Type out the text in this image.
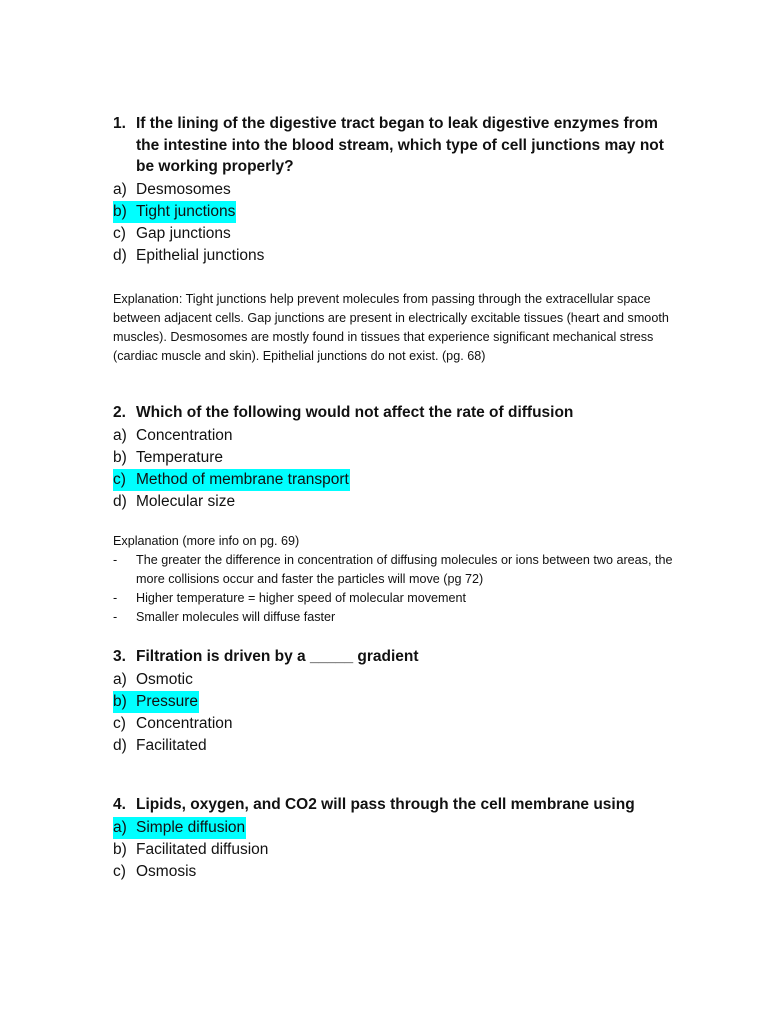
1. If the lining of the digestive tract began to leak digestive enzymes from the intestine into the blood stream, which type of cell junctions may not be working properly?
a) Desmosomes
b) Tight junctions
c) Gap junctions
d) Epithelial junctions
Explanation: Tight junctions help prevent molecules from passing through the extracellular space between adjacent cells. Gap junctions are present in electrically excitable tissues (heart and smooth muscles). Desmosomes are mostly found in tissues that experience significant mechanical stress (cardiac muscle and skin). Epithelial junctions do not exist. (pg. 68)
2. Which of the following would not affect the rate of diffusion
a) Concentration
b) Temperature
c) Method of membrane transport
d) Molecular size
Explanation (more info on pg. 69)
-	The greater the difference in concentration of diffusing molecules or ions between two areas, the more collisions occur and faster the particles will move (pg 72)
-	Higher temperature = higher speed of molecular movement
-	Smaller molecules will diffuse faster
3. Filtration is driven by a _____ gradient
a) Osmotic
b) Pressure
c) Concentration
d) Facilitated
4. Lipids, oxygen, and CO2 will pass through the cell membrane using
a) Simple diffusion
b) Facilitated diffusion
c) Osmosis
